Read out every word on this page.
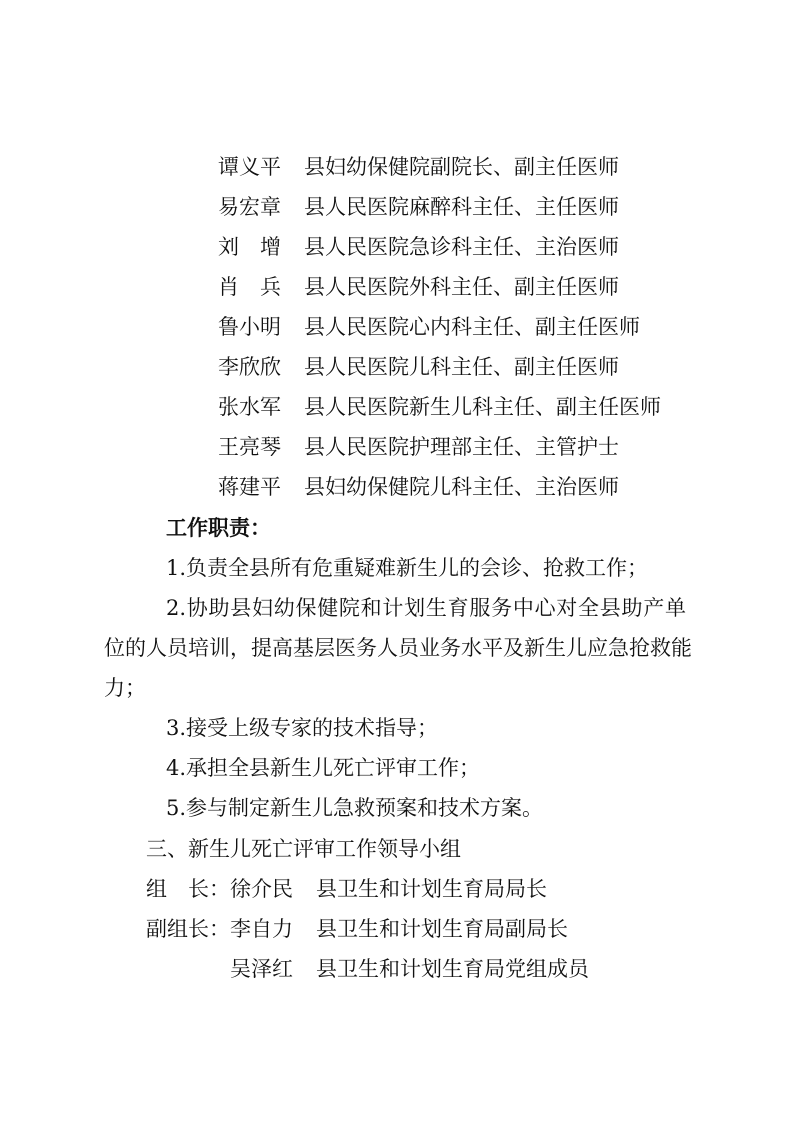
谭义平 县妇幼保健院副院长、副主任医师
易宏章 县人民医院麻醉科主任、主任医师
刘　增 县人民医院急诊科主任、主治医师
肖　兵 县人民医院外科主任、副主任医师
鲁小明 县人民医院心内科主任、副主任医师
李欣欣 县人民医院儿科主任、副主任医师
张水军 县人民医院新生儿科主任、副主任医师
王亮琴 县人民医院护理部主任、主管护士
蒋建平 县妇幼保健院儿科主任、主治医师
工作职责：
1.负责全县所有危重疑难新生儿的会诊、抢救工作；
2.协助县妇幼保健院和计划生育服务中心对全县助产单
位的人员培训，提高基层医务人员业务水平及新生儿应急抢救能
力；
3.接受上级专家的技术指导；
4.承担全县新生儿死亡评审工作；
5.参与制定新生儿急救预案和技术方案。
三、新生儿死亡评审工作领导小组
组　长：徐介民 县卫生和计划生育局局长
副组长：李自力 县卫生和计划生育局副局长
吴泽红 县卫生和计划生育局党组成员
